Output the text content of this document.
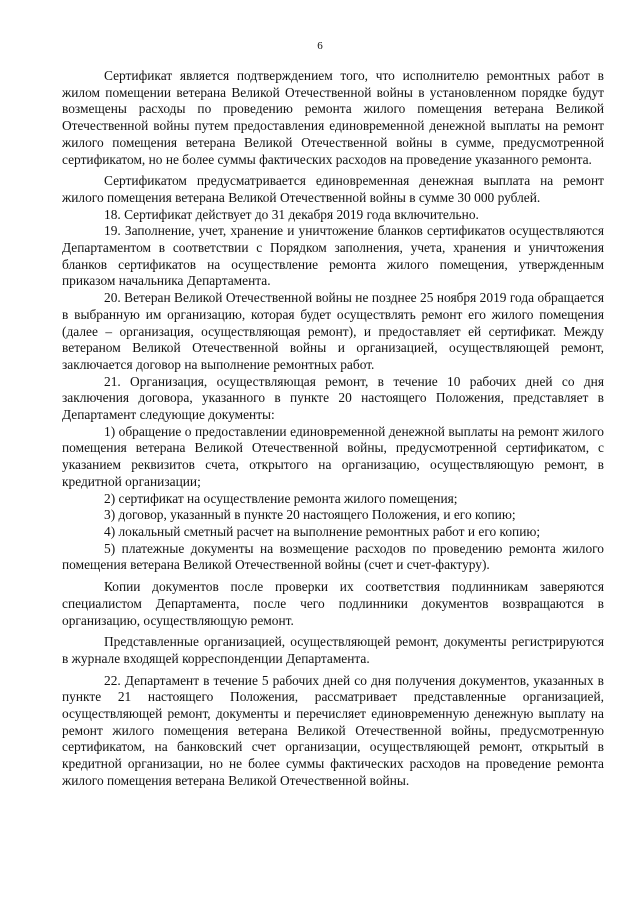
6

Сертификат является подтверждением того, что исполнителю ремонтных работ в жилом помещении ветерана Великой Отечественной войны в установленном порядке будут возмещены расходы по проведению ремонта жилого помещения ветерана Великой Отечественной войны путем предоставления единовременной денежной выплаты на ремонт жилого помещения ветерана Великой Отечественной войны в сумме, предусмотренной сертификатом, но не более суммы фактических расходов на проведение указанного ремонта.

Сертификатом предусматривается единовременная денежная выплата на ремонт жилого помещения ветерана Великой Отечественной войны в сумме 30 000 рублей.

18. Сертификат действует до 31 декабря 2019 года включительно.

19. Заполнение, учет, хранение и уничтожение бланков сертификатов осуществляются Департаментом в соответствии с Порядком заполнения, учета, хранения и уничтожения бланков сертификатов на осуществление ремонта жилого помещения, утвержденным приказом начальника Департамента.

20. Ветеран Великой Отечественной войны не позднее 25 ноября 2019 года обращается в выбранную им организацию, которая будет осуществлять ремонт его жилого помещения (далее – организация, осуществляющая ремонт), и предоставляет ей сертификат. Между ветераном Великой Отечественной войны и организацией, осуществляющей ремонт, заключается договор на выполнение ремонтных работ.

21. Организация, осуществляющая ремонт, в течение 10 рабочих дней со дня заключения договора, указанного в пункте 20 настоящего Положения, представляет в Департамент следующие документы:

1) обращение о предоставлении единовременной денежной выплаты на ремонт жилого помещения ветерана Великой Отечественной войны, предусмотренной сертификатом, с указанием реквизитов счета, открытого на организацию, осуществляющую ремонт, в кредитной организации;

2) сертификат на осуществление ремонта жилого помещения;

3) договор, указанный в пункте 20 настоящего Положения, и его копию;

4) локальный сметный расчет на выполнение ремонтных работ и его копию;

5) платежные документы на возмещение расходов по проведению ремонта жилого помещения ветерана Великой Отечественной войны (счет и счет-фактуру).

Копии документов после проверки их соответствия подлинникам заверяются специалистом Департамента, после чего подлинники документов возвращаются в организацию, осуществляющую ремонт.

Представленные организацией, осуществляющей ремонт, документы регистрируются в журнале входящей корреспонденции Департамента.

22. Департамент в течение 5 рабочих дней со дня получения документов, указанных в пункте 21 настоящего Положения, рассматривает представленные организацией, осуществляющей ремонт, документы и перечисляет единовременную денежную выплату на ремонт жилого помещения ветерана Великой Отечественной войны, предусмотренную сертификатом, на банковский счет организации, осуществляющей ремонт, открытый в кредитной организации, но не более суммы фактических расходов на проведение ремонта жилого помещения ветерана Великой Отечественной войны.
